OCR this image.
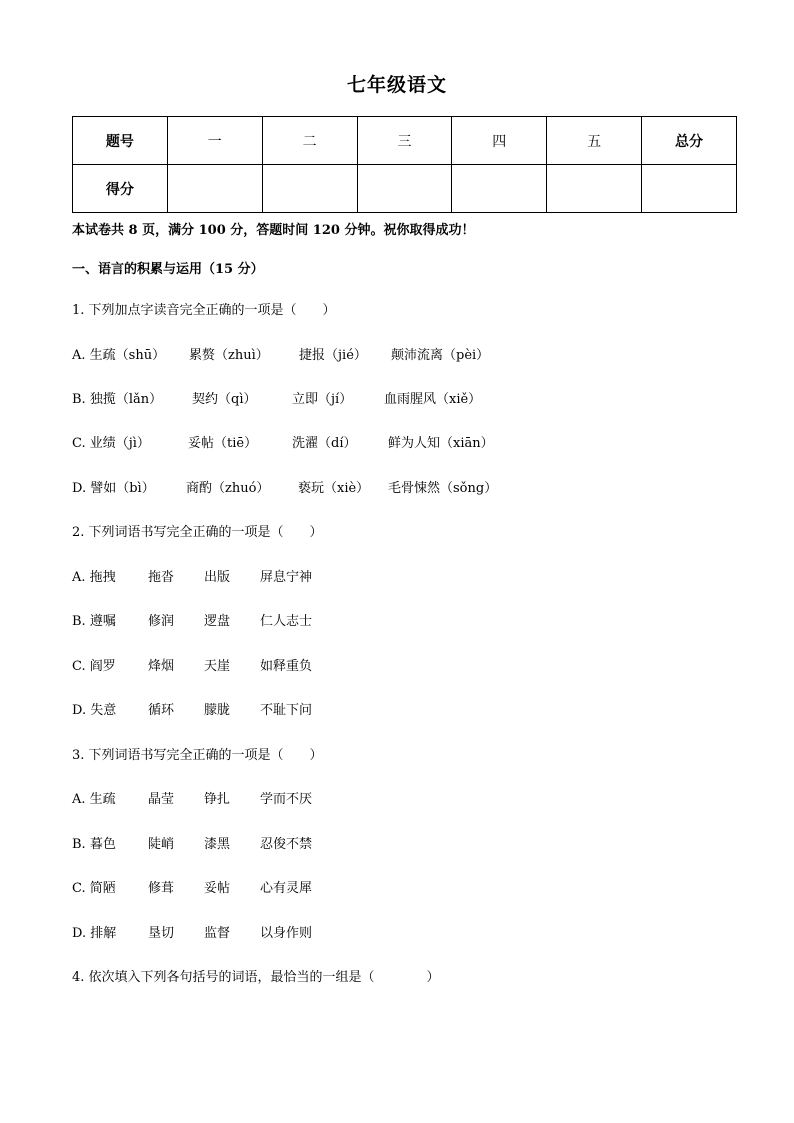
七年级语文
题号	一	二	三	四	五	总分
得分						
本试卷共 8 页，满分 100 分，答题时间 120 分钟。祝你取得成功！
一、语言的积累与运用（15 分）
1. 下列加点字读音完全正确的一项是（　　）
A. 生疏（shū） 累赘（zhuì） 捷报（jié） 颠沛流离（pèi）
B. 独揽（lǎn） 契约（qì）	立即（jí） 血雨腥风（xiě）
C. 业绩（jì）	妥帖（tiē）	洗濯（dí） 鲜为人知（xiān）
D. 譬如（bì） 商酌（zhuó） 亵玩（xiè） 毛骨悚然（sǒng）
2. 下列词语书写完全正确的一项是（　　）
A. 拖拽 拖沓 出版 屏息宁神
B. 遵嘱 修润 逻盘 仁人志士
C. 阎罗 烽烟 天崖 如释重负
D. 失意 循环 朦胧 不耻下问
3. 下列词语书写完全正确的一项是（　　）
A. 生疏 晶莹 铮扎 学而不厌
B. 暮色 陡峭 漆黑 忍俊不禁
C. 简陋 修葺 妥帖 心有灵犀
D. 排解 垦切 监督 以身作则
4. 依次填入下列各句括号的词语，最恰当的一组是（　　　　）
